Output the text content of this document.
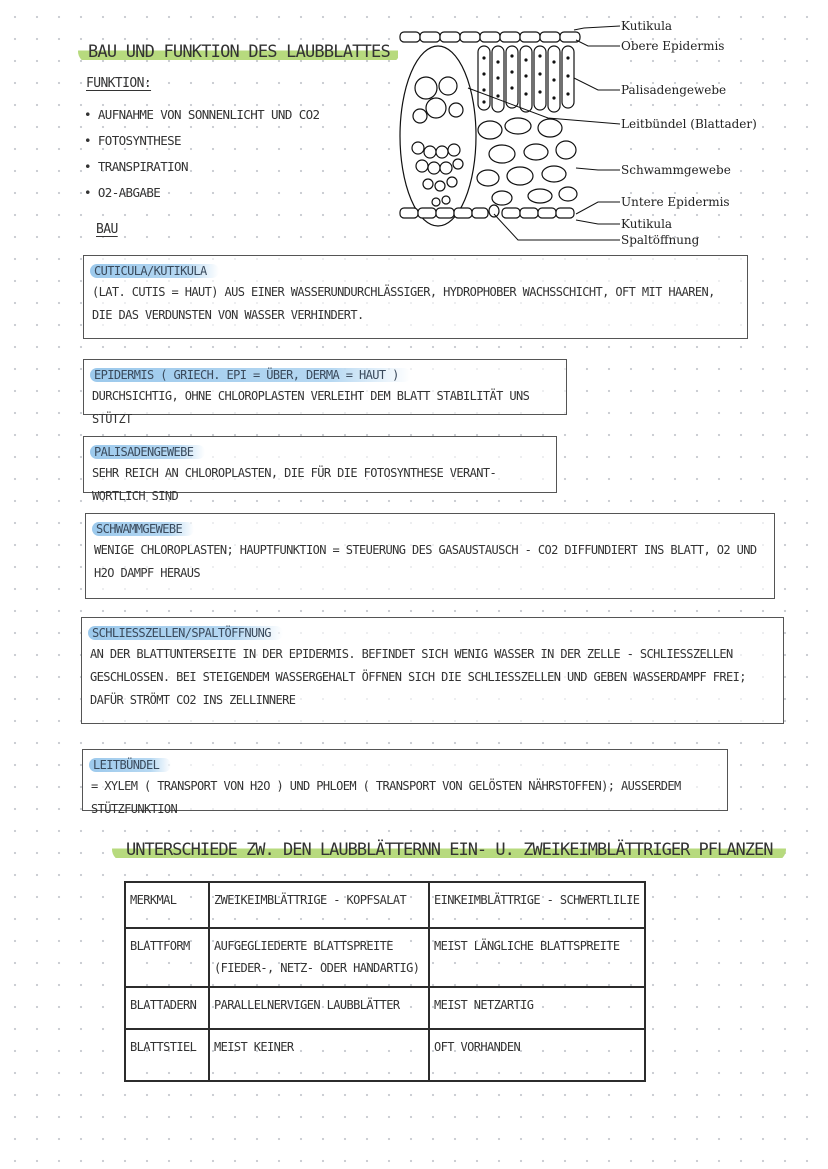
BAU UND FUNKTION DES LAUBBLATTES
FUNKTION:
• AUFNAHME VON SONNENLICHT UND CO2
• FOTOSYNTHESE
• TRANSPIRATION
• O2-ABGABE
BAU
Kutikula
Obere Epidermis
Palisadengewebe
Leitbündel (Blattader)
Schwammgewebe
Untere Epidermis
Kutikula
Spaltöffnung
CUTICULA/KUTIKULA
(LAT. CUTIS = HAUT) AUS EINER WASSERUNDURCHLÄSSIGER, HYDROPHOBER WACHSSCHICHT, OFT MIT HAAREN, DIE DAS VERDUNSTEN VON WASSER VERHINDERT.
EPIDERMIS ( GRIECH. EPI = ÜBER, DERMA = HAUT )
DURCHSICHTIG, OHNE CHLOROPLASTEN VERLEIHT DEM BLATT STABILITÄT UNS STÜTZT
PALISADENGEWEBE
SEHR REICH AN CHLOROPLASTEN, DIE FÜR DIE FOTOSYNTHESE VERANT- WORTLICH SIND
SCHWAMMGEWEBE
WENIGE CHLOROPLASTEN; HAUPTFUNKTION = STEUERUNG DES GASAUSTAUSCH - CO2 DIFFUNDIERT INS BLATT, O2 UND H2O DAMPF HERAUS
SCHLIESSZELLEN/SPALTÖFFNUNG
AN DER BLATTUNTERSEITE IN DER EPIDERMIS. BEFINDET SICH WENIG WASSER IN DER ZELLE - SCHLIESSZELLEN GESCHLOSSEN. BEI STEIGENDEM WASSERGEHALT ÖFFNEN SICH DIE SCHLIESSZELLEN UND GEBEN WASSERDAMPF FREI; DAFÜR STRÖMT CO2 INS ZELLINNERE
LEITBÜNDEL
= XYLEM ( TRANSPORT VON H2O ) UND PHLOEM ( TRANSPORT VON GELÖSTEN NÄHRSTOFFEN); AUSSERDEM STÜTZFUNKTION
UNTERSCHIEDE ZW. DEN LAUBBLÄTTERNN EIN- U. ZWEIKEIMBLÄTTRIGER PFLANZEN
MERKMAL	ZWEIKEIMBLÄTTRIGE - KOPFSALAT	EINKEIMBLÄTTRIGE - SCHWERTLILIE
BLATTFORM	AUFGEGLIEDERTE BLATTSPREITE (FIEDER-, NETZ- ODER HANDARTIG)	MEIST LÄNGLICHE BLATTSPREITE
BLATTADERN	PARALLELNERVIGEN LAUBBLÄTTER	MEIST NETZARTIG
BLATTSTIEL	MEIST KEINER	OFT VORHANDEN
